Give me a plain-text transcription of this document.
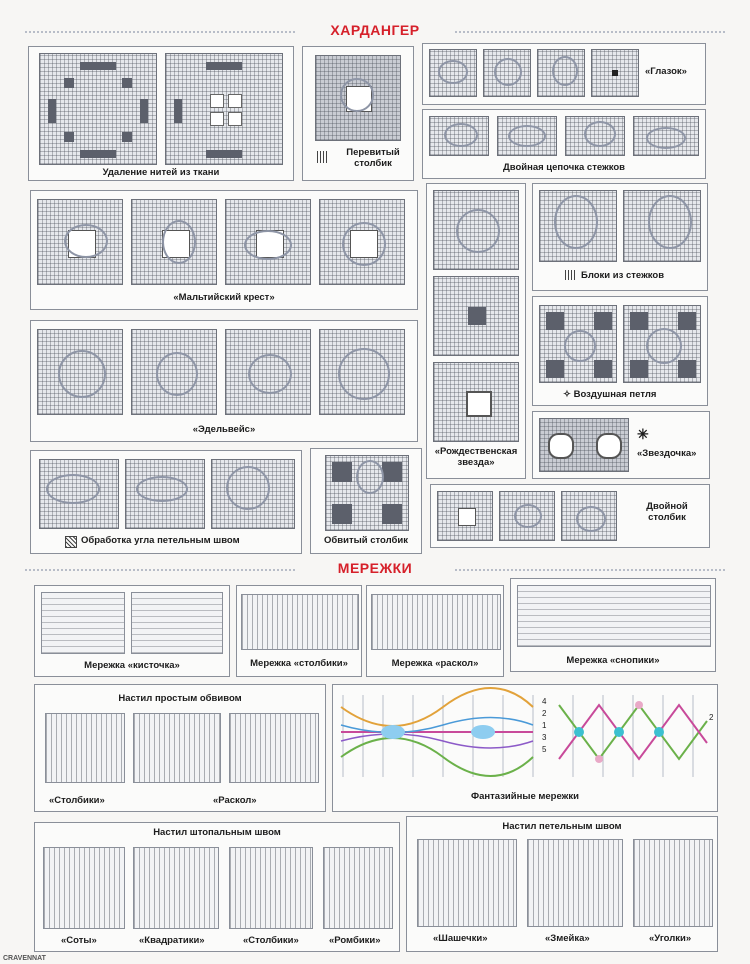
ХАРДАНГЕР
Удаление нитей из ткани
Перевитый столбик
«Глазок»
Двойная цепочка стежков
«Мальтийский крест»
«Эдельвейс»
«Рождественская звезда»
Блоки из стежков
✧ Воздушная петля
✳
«Звездочка»
Обработка угла петельным швом	Обвитый столбик
Двойной столбик
МЕРЕЖКИ
Мережка «кисточка»	Мережка «столбики»	Мережка «раскол»	Мережка «снопики»
Настил простым обвивом
«Столбики»	«Раскол»
4
2
1
3
5
2
Фантазийные мережки
Настил штопальным швом
«Соты»	«Квадратики»	«Столбики»	«Ромбики»
Настил петельным швом
«Шашечки»	«Змейка»	«Уголки»
CRAVENNAT
